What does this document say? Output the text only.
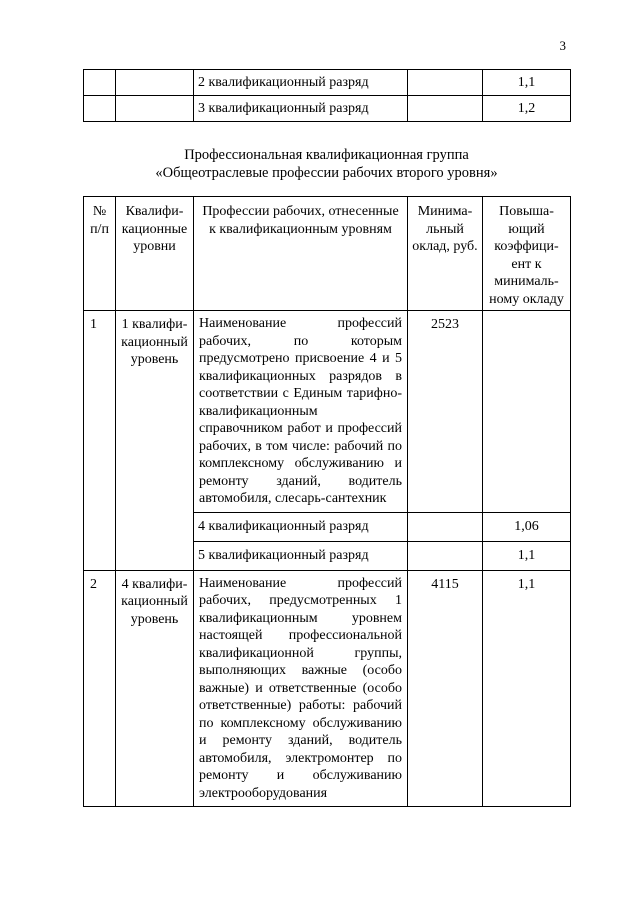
3
		2 квалификационный разряд		1,1
		3 квалификационный разряд		1,2
Профессиональная квалификационная группа
«Общеотраслевые профессии рабочих второго уровня»
№ п/п	Квалифи-кационные уровни	Профессии рабочих, отнесенные к квалификационным уровням	Минима-льный оклад, руб.	Повыша-ющий коэффици-ент к минималь-ному окладу
1	1 квалифи-кационный уровень	Наименование профессий рабочих, по которым предусмотрено присвоение 4 и 5 квалификационных разрядов в соответствии с Единым тарифно-квалификационным справочником работ и профессий рабочих, в том числе: рабочий по комплексному обслуживанию и ремонту зданий, водитель автомобиля, слесарь-сантехник	2523	
		4 квалификационный разряд		1,06
		5 квалификационный разряд		1,1
2	4 квалифи-кационный уровень	Наименование профессий рабочих, предусмотренных 1 квалификационным уровнем настоящей профессиональной квалификационной группы, выполняющих важные (особо важные) и ответственные (особо ответственные) работы: рабочий по комплексному обслуживанию и ремонту зданий, водитель автомобиля, электромонтер по ремонту и обслуживанию электрооборудования	4115	1,1
